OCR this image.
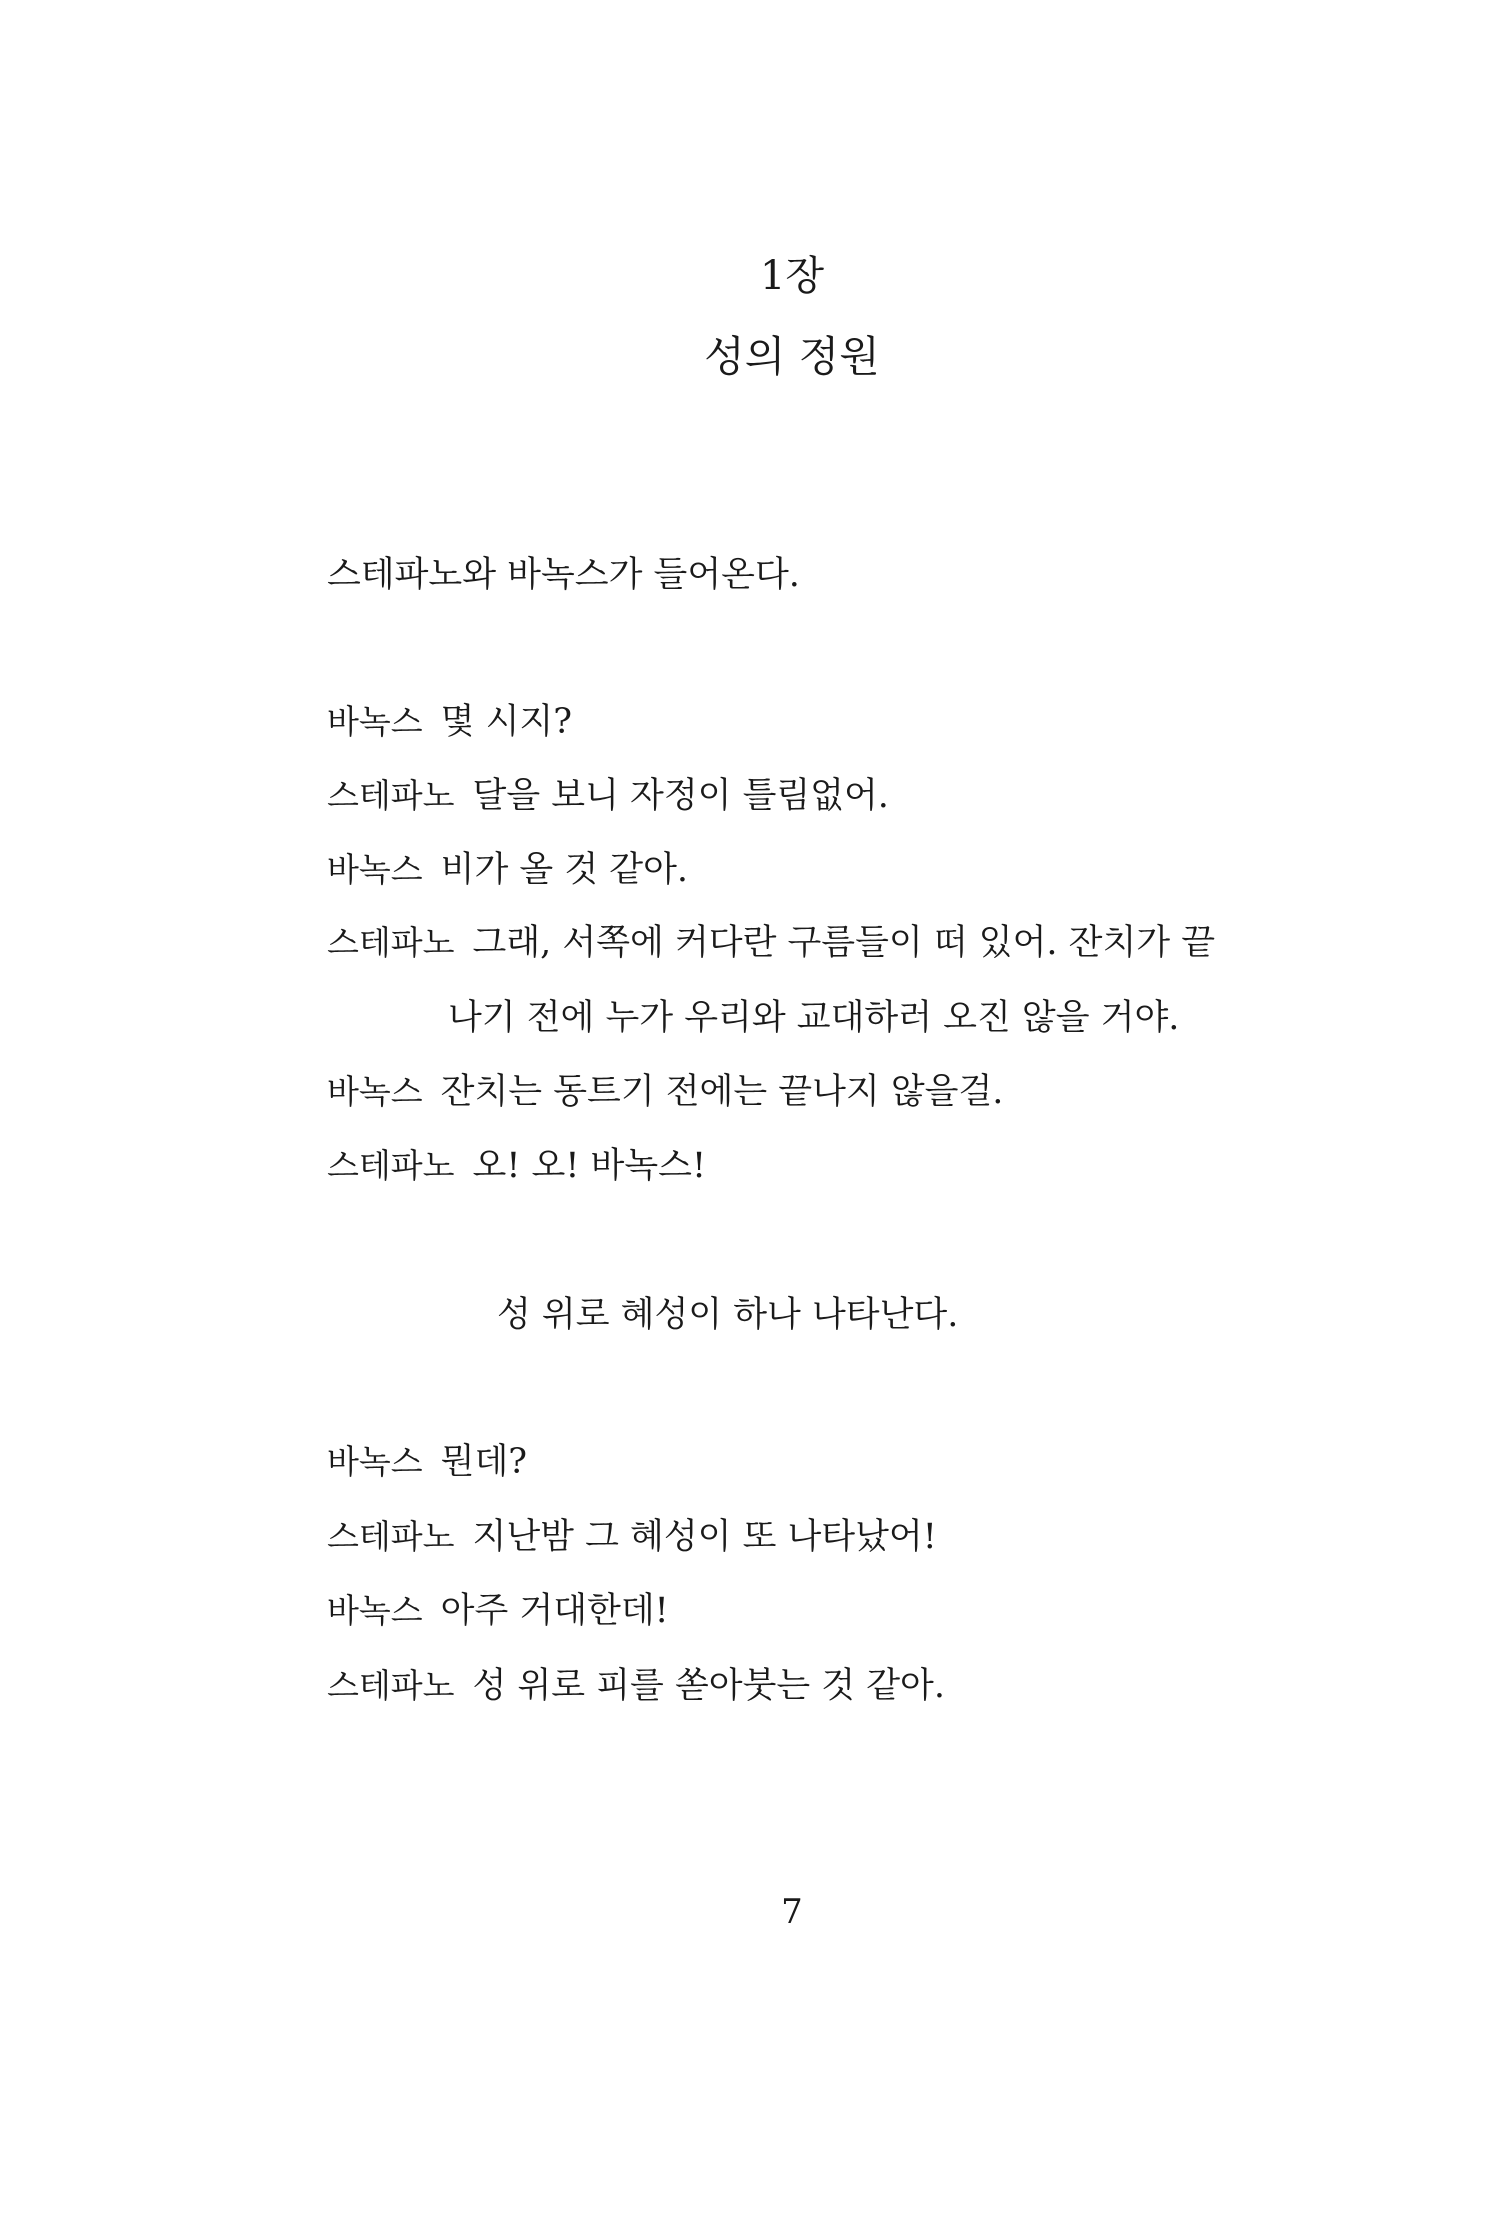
1장
성의 정원
스테파노와 바녹스가 들어온다.
바녹스 몇 시지?
스테파노 달을 보니 자정이 틀림없어.
바녹스 비가 올 것 같아.
스테파노 그래, 서쪽에 커다란 구름들이 떠 있어. 잔치가 끝
나기 전에 누가 우리와 교대하러 오진 않을 거야.
바녹스 잔치는 동트기 전에는 끝나지 않을걸.
스테파노 오! 오! 바녹스!
성 위로 혜성이 하나 나타난다.
바녹스 뭔데?
스테파노 지난밤 그 혜성이 또 나타났어!
바녹스 아주 거대한데!
스테파노 성 위로 피를 쏟아붓는 것 같아.
7
